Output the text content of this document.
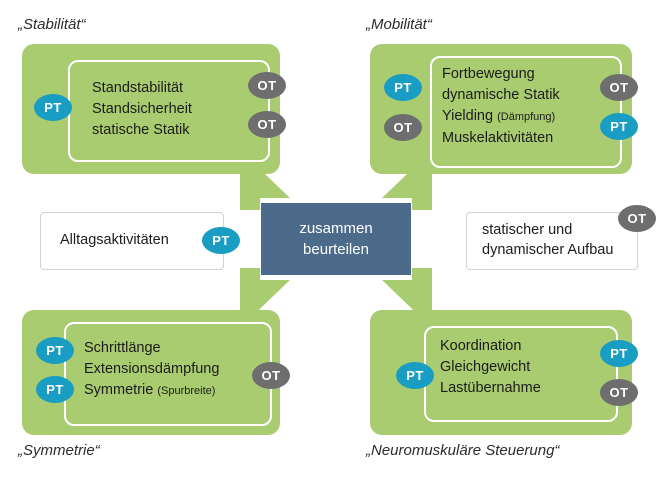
„Stabilität“	„Mobilität“
„Symmetrie“	„Neuromuskuläre Steuerung“
Standstabilität
Standsicherheit
statische Statik
Fortbewegung
dynamische Statik
Yielding (Dämpfung)
Muskelaktivitäten
Schrittlänge
Extensionsdämpfung
Symmetrie (Spurbreite)
Koordination
Gleichgewicht
Lastübernahme
PT
OT
OT
PT
OT
OT
PT
PT
PT
OT	PT
PT
OT
Alltagsaktivitäten	PT
statischer und
dynamischer Aufbau
OT
zusammen
beurteilen
